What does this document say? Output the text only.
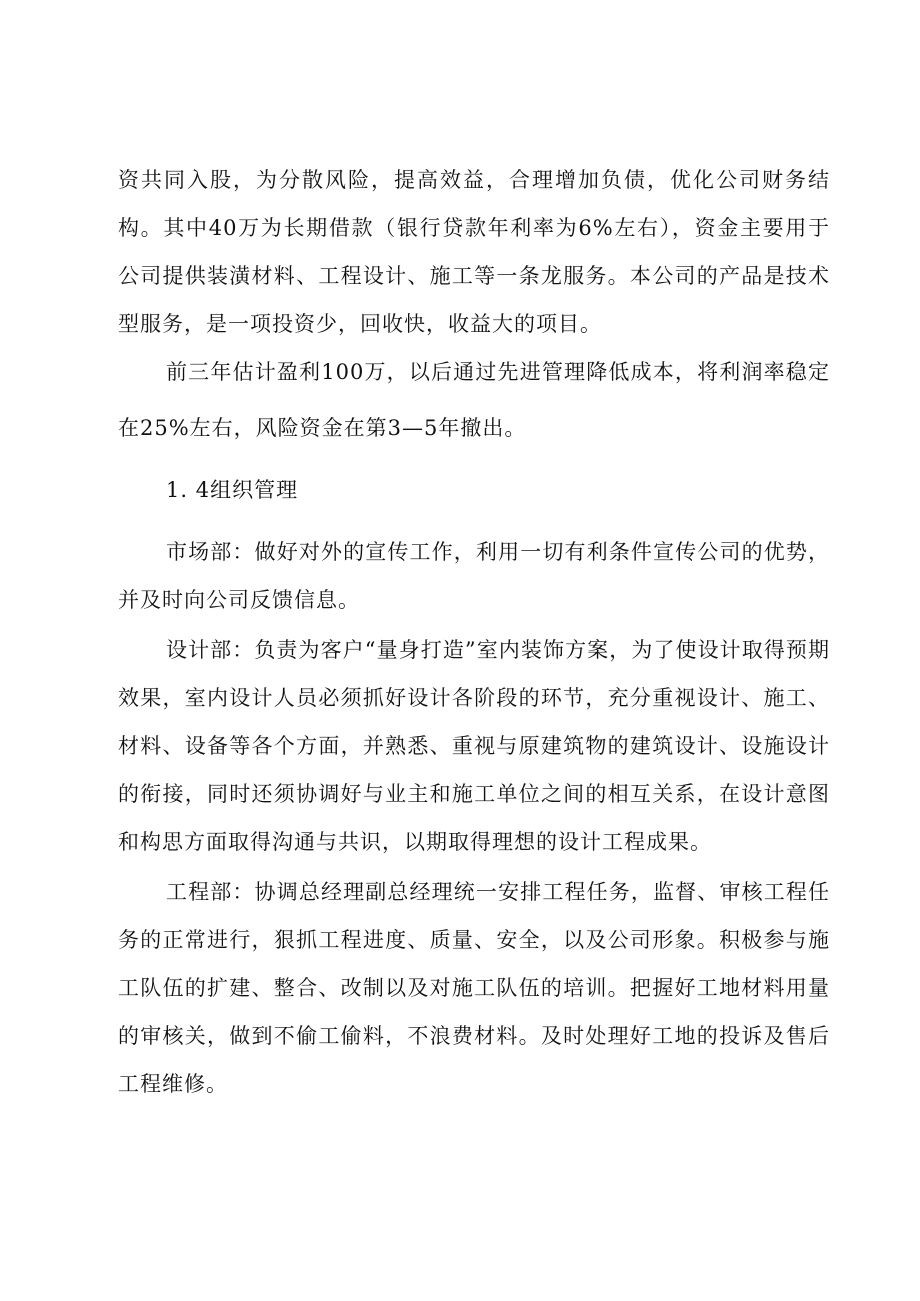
资共同入股，为分散风险，提高效益，合理增加负债，优化公司财务结构。其中40万为长期借款（银行贷款年利率为6%左右），资金主要用于公司提供装潢材料、工程设计、施工等一条龙服务。本公司的产品是技术型服务，是一项投资少，回收快，收益大的项目。

前三年估计盈利100万，以后通过先进管理降低成本，将利润率稳定在25%左右，风险资金在第3—5年撤出。

1. 4组织管理

市场部：做好对外的宣传工作，利用一切有利条件宣传公司的优势，并及时向公司反馈信息。

设计部：负责为客户“量身打造”室内装饰方案，为了使设计取得预期效果，室内设计人员必须抓好设计各阶段的环节，充分重视设计、施工、材料、设备等各个方面，并熟悉、重视与原建筑物的建筑设计、设施设计的衔接，同时还须协调好与业主和施工单位之间的相互关系，在设计意图和构思方面取得沟通与共识，以期取得理想的设计工程成果。

工程部：协调总经理副总经理统一安排工程任务，监督、审核工程任务的正常进行，狠抓工程进度、质量、安全，以及公司形象。积极参与施工队伍的扩建、整合、改制以及对施工队伍的培训。把握好工地材料用量的审核关，做到不偷工偷料，不浪费材料。及时处理好工地的投诉及售后工程维修。
